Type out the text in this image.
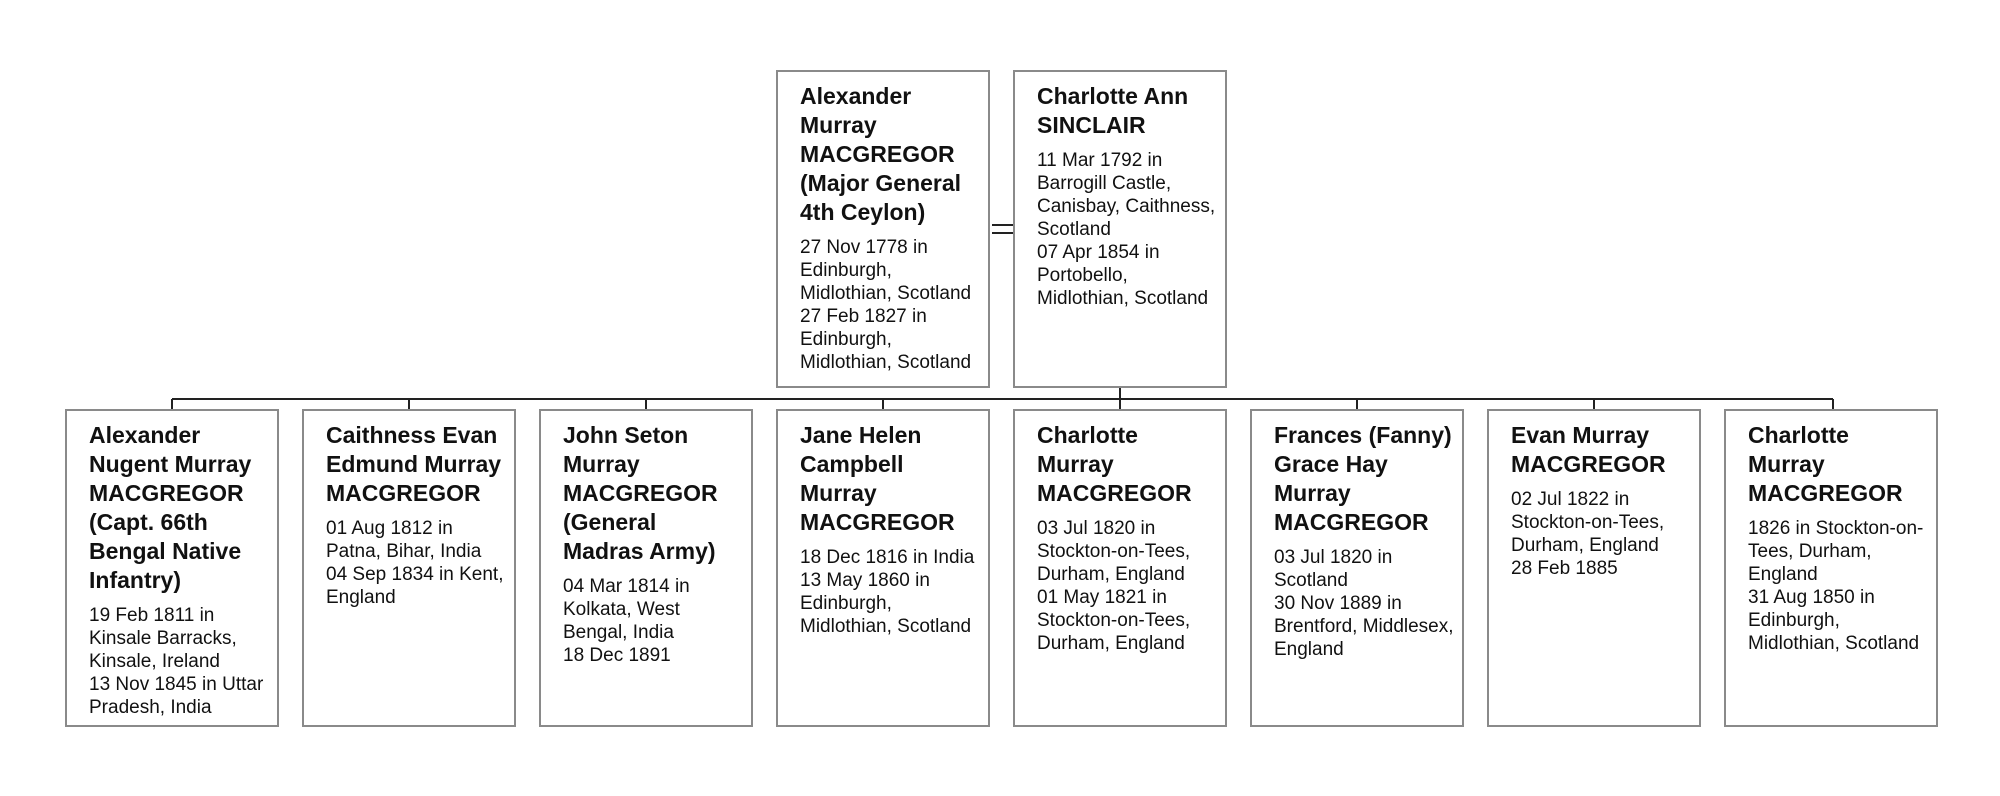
Alexander Murray MACGREGOR (Major General 4th Ceylon)
27 Nov 1778 in Edinburgh, Midlothian, Scotland
27 Feb 1827 in Edinburgh, Midlothian, Scotland
Charlotte Ann SINCLAIR
11 Mar 1792 in Barrogill Castle, Canisbay, Caithness, Scotland
07 Apr 1854 in Portobello, Midlothian, Scotland
Alexander Nugent Murray MACGREGOR (Capt. 66th Bengal Native Infantry)
19 Feb 1811 in Kinsale Barracks, Kinsale, Ireland
13 Nov 1845 in Uttar Pradesh, India
Caithness Evan Edmund Murray MACGREGOR
01 Aug 1812 in Patna, Bihar, India
04 Sep 1834 in Kent, England
John Seton Murray MACGREGOR (General Madras Army)
04 Mar 1814 in Kolkata, West Bengal, India
18 Dec 1891
Jane Helen Campbell Murray MACGREGOR
18 Dec 1816 in India
13 May 1860 in Edinburgh, Midlothian, Scotland
Charlotte Murray MACGREGOR
03 Jul 1820 in Stockton-on-Tees, Durham, England
01 May 1821 in Stockton-on-Tees, Durham, England
Frances (Fanny) Grace Hay Murray MACGREGOR
03 Jul 1820 in Scotland
30 Nov 1889 in Brentford, Middlesex, England
Evan Murray MACGREGOR
02 Jul 1822 in Stockton-on-Tees, Durham, England
28 Feb 1885
Charlotte Murray MACGREGOR
1826 in Stockton-on-Tees, Durham, England
31 Aug 1850 in Edinburgh, Midlothian, Scotland
